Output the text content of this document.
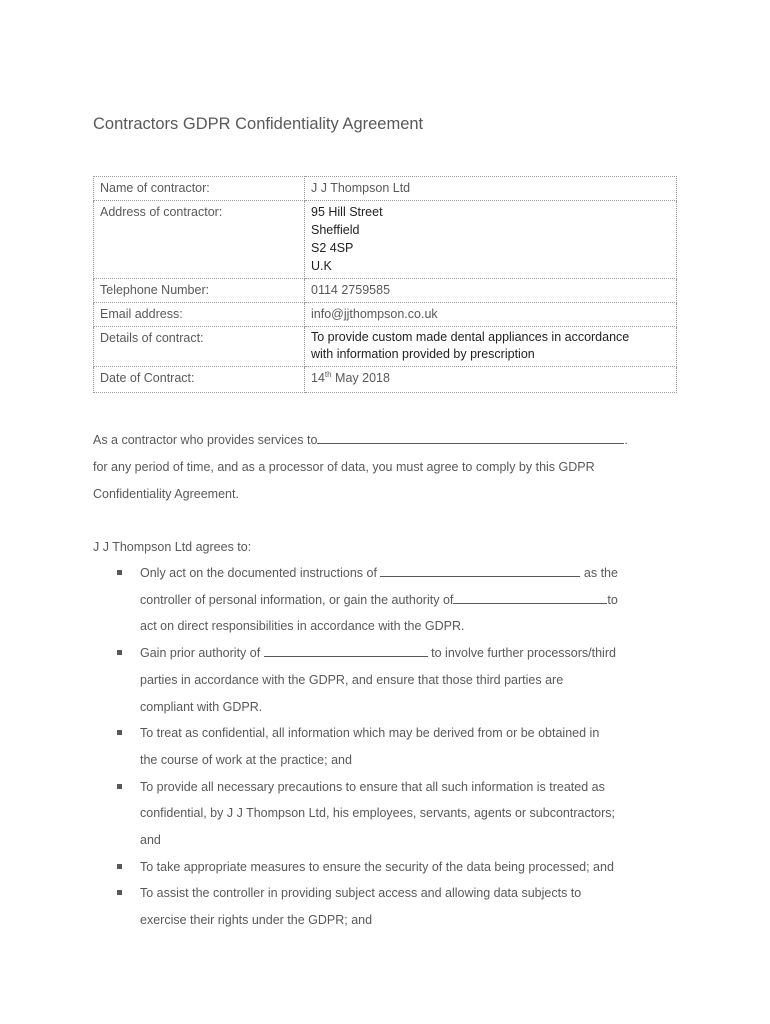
Contractors GDPR Confidentiality Agreement
Name of contractor:	J J Thompson Ltd
Address of contractor:	95 Hill Street
Sheffield
S2 4SP
U.K

Telephone Number:	0114 2759585
Email address:	info@jjthompson.co.uk
Details of contract:	To provide custom made dental appliances in accordance
with information provided by prescription

Date of Contract:	14th May 2018
As a contractor who provides services to	.
for any period of time, and as a processor of data, you must agree to comply by this GDPR
Confidentiality Agreement.
J J Thompson Ltd agrees to:
Only act on the documented instructions of	as the
controller of personal information, or gain the authority of	to
act on direct responsibilities in accordance with the GDPR.
Gain prior authority of	to involve further processors/third
parties in accordance with the GDPR, and ensure that those third parties are
compliant with GDPR.
To treat as confidential, all information which may be derived from or be obtained in
the course of work at the practice; and
To provide all necessary precautions to ensure that all such information is treated as
confidential, by J J Thompson Ltd, his employees, servants, agents or subcontractors;
and
To take appropriate measures to ensure the security of the data being processed; and
To assist the controller in providing subject access and allowing data subjects to
exercise their rights under the GDPR; and
